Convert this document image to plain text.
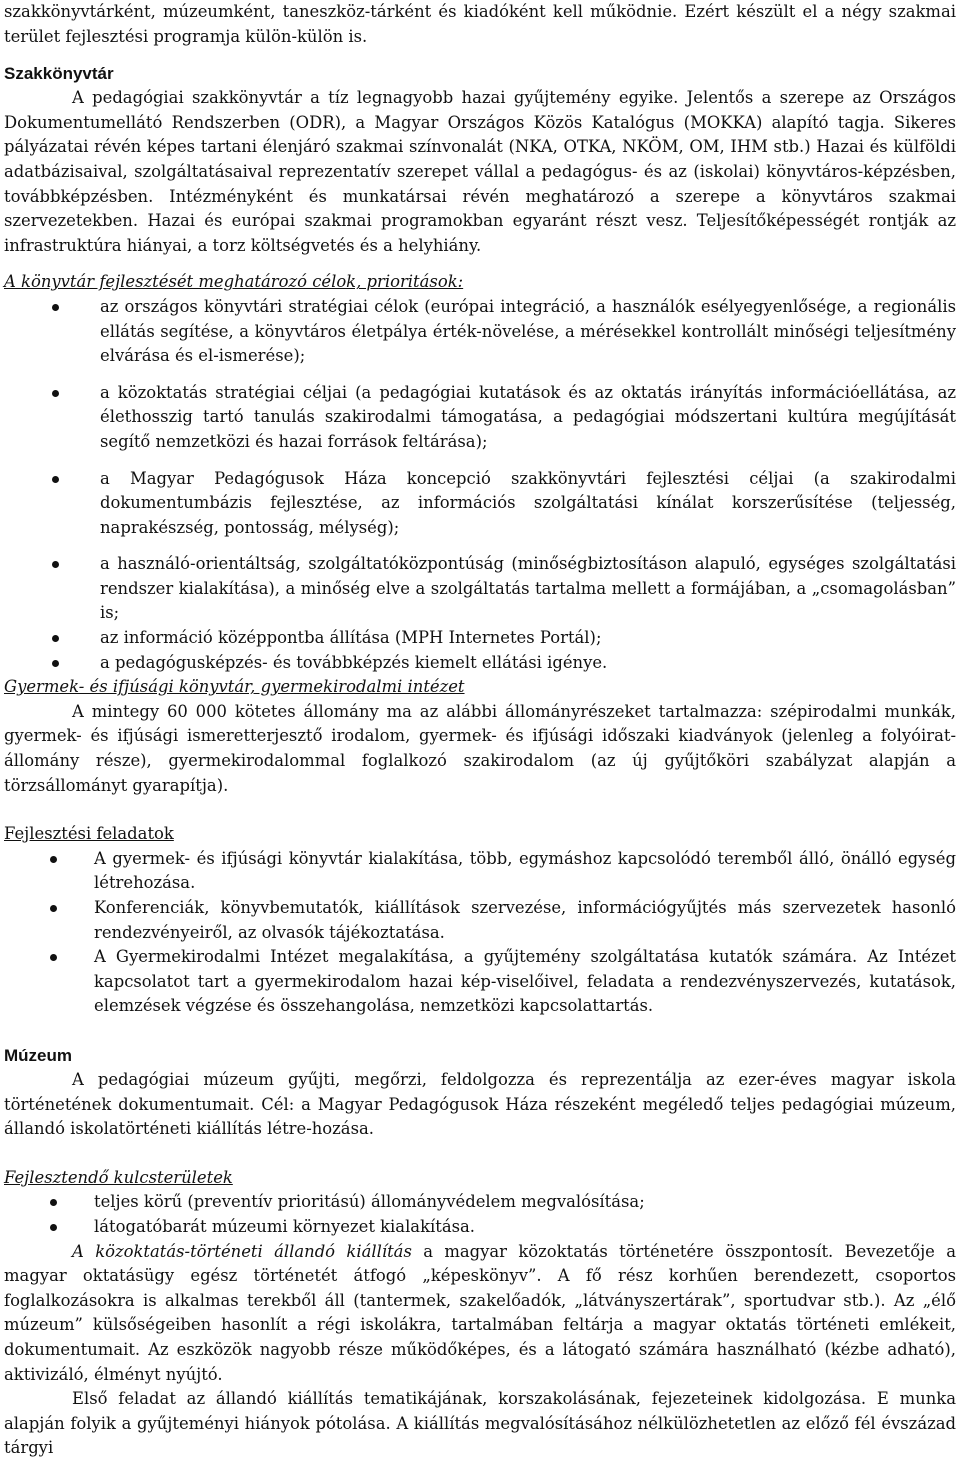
szakkönyvtárként, múzeumként, taneszköz-tárként és kiadóként kell működnie. Ezért készült el a négy szakmai terület fejlesztési programja külön-külön is.

Szakkönyvtár

A pedagógiai szakkönyvtár a tíz legnagyobb hazai gyűjtemény egyike. Jelentős a szerepe az Országos Dokumentumellátó Rendszerben (ODR), a Magyar Országos Közös Katalógus (MOKKA) alapító tagja. Sikeres pályázatai révén képes tartani élenjáró szakmai színvonalát (NKA, OTKA, NKÖM, OM, IHM stb.) Hazai és külföldi adatbázisaival, szolgáltatásaival reprezentatív szerepet vállal a pedagógus- és az (iskolai) könyvtáros-képzésben, továbbképzésben. Intézményként és munkatársai révén meghatározó a szerepe a könyvtáros szakmai szervezetekben. Hazai és európai szakmai programokban egyaránt részt vesz. Teljesítőképességét rontják az infrastruktúra hiányai, a torz költségvetés és a helyhiány.

A könyvtár fejlesztését meghatározó célok, prioritások:
az országos könyvtári stratégiai célok (európai integráció, a használók esélyegyenlősége, a regionális ellátás segítése, a könyvtáros életpálya érték-növelése, a mérésekkel kontrollált minőségi teljesítmény elvárása és el-ismerése);
a közoktatás stratégiai céljai (a pedagógiai kutatások és az oktatás irányítás információellátása, az élethosszig tartó tanulás szakirodalmi támogatása, a pedagógiai módszertani kultúra megújítását segítő nemzetközi és hazai források feltárása);
a Magyar Pedagógusok Háza koncepció szakkönyvtári fejlesztési céljai (a szakirodalmi dokumentumbázis fejlesztése, az információs szolgáltatási kínálat korszerűsítése (teljesség, naprakészség, pontosság, mélység);
a használó-orientáltság, szolgáltatóközpontúság (minőségbiztosításon alapuló, egységes szolgáltatási rendszer kialakítása), a minőség elve a szolgáltatás tartalma mellett a formájában, a „csomagolásban” is;
az információ középpontba állítása (MPH Internetes Portál);
a pedagógusképzés- és továbbképzés kiemelt ellátási igénye.
Gyermek- és ifjúsági könyvtár, gyermekirodalmi intézet

A mintegy 60 000 kötetes állomány ma az alábbi állományrészeket tartalmazza: szépirodalmi munkák, gyermek- és ifjúsági ismeretterjesztő irodalom, gyermek- és ifjúsági időszaki kiadványok (jelenleg a folyóirat-állomány része), gyermekirodalommal foglalkozó szakirodalom (az új gyűjtőköri szabályzat alapján a törzsállományt gyarapítja).

Fejlesztési feladatok
A gyermek- és ifjúsági könyvtár kialakítása, több, egymáshoz kapcsolódó teremből álló, önálló egység létrehozása.
Konferenciák, könyvbemutatók, kiállítások szervezése, információgyűjtés más szervezetek hasonló rendezvényeiről, az olvasók tájékoztatása.
A Gyermekirodalmi Intézet megalakítása, a gyűjtemény szolgáltatása kutatók számára. Az Intézet kapcsolatot tart a gyermekirodalom hazai kép-viselőivel, feladata a rendezvényszervezés, kutatások, elemzések végzése és összehangolása, nemzetközi kapcsolattartás.
Múzeum

A pedagógiai múzeum gyűjti, megőrzi, feldolgozza és reprezentálja az ezer-éves magyar iskola történetének dokumentumait. Cél: a Magyar Pedagógusok Háza részeként megéledő teljes pedagógiai múzeum, állandó iskolatörténeti kiállítás létre-hozása.

Fejlesztendő kulcsterületek
teljes körű (preventív prioritású) állományvédelem megvalósítása;
látogatóbarát múzeumi környezet kialakítása.

A közoktatás-történeti állandó kiállítás a magyar közoktatás történetére összpontosít. Bevezetője a magyar oktatásügy egész történetét átfogó „képeskönyv”. A fő rész korhűen berendezett, csoportos foglalkozásokra is alkalmas terekből áll (tantermek, szakelőadók, „látványszertárak”, sportudvar stb.). Az „élő múzeum” külsőségeiben hasonlít a régi iskolákra, tartalmában feltárja a magyar oktatás történeti emlékeit, dokumentumait. Az eszközök nagyobb része működőképes, és a látogató számára használható (kézbe adható), aktivizáló, élményt nyújtó.

Első feladat az állandó kiállítás tematikájának, korszakolásának, fejezeteinek kidolgozása. E munka alapján folyik a gyűjteményi hiányok pótolása. A kiállítás megvalósításához nélkülözhetetlen az előző fél évszázad tárgyi
